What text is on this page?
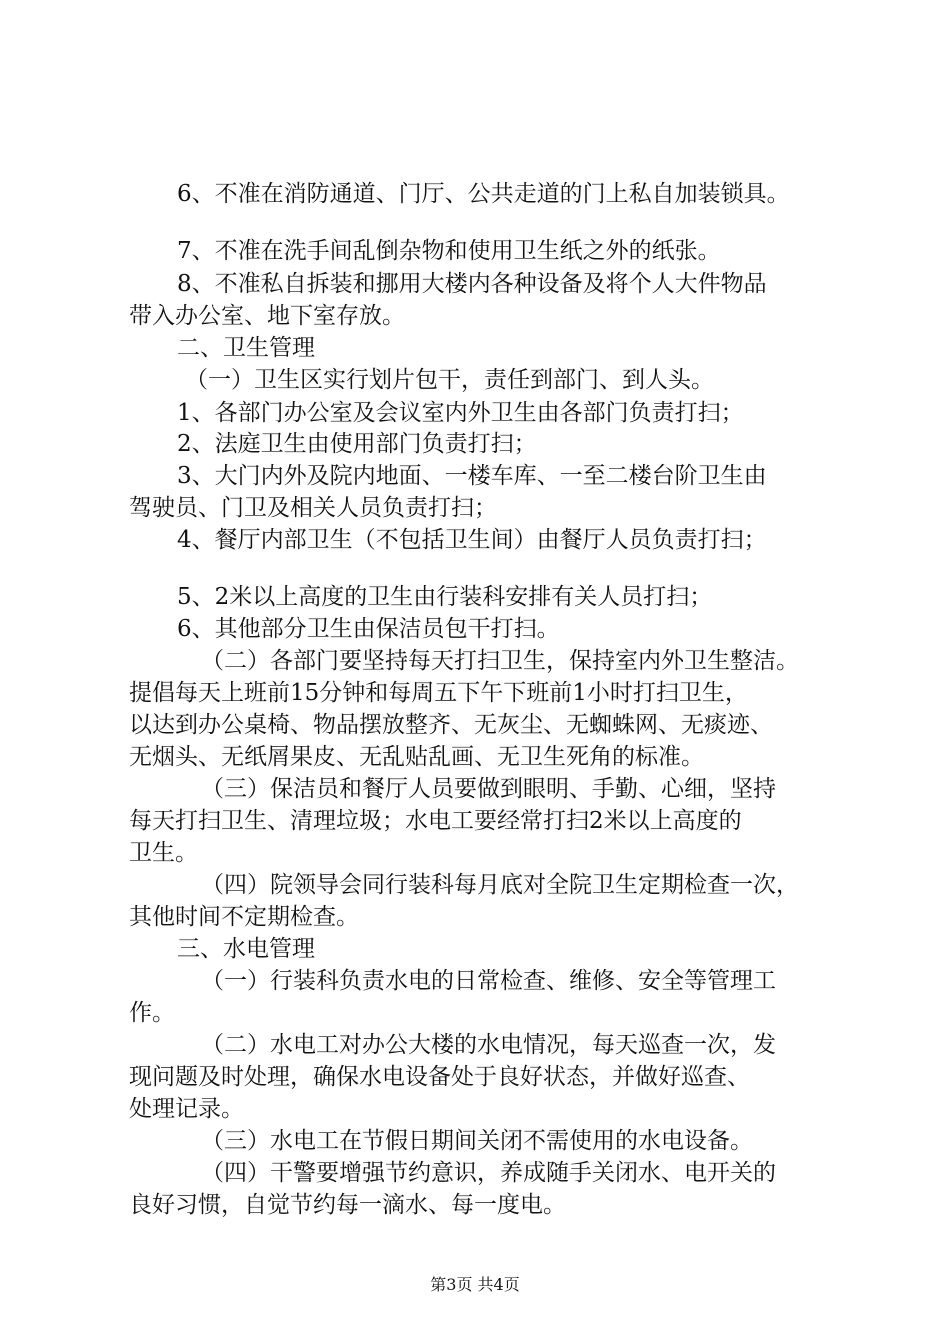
6、不准在消防通道、门厅、公共走道的门上私自加装锁具。
7、不准在洗手间乱倒杂物和使用卫生纸之外的纸张。
8、不准私自拆装和挪用大楼内各种设备及将个人大件物品
带入办公室、地下室存放。
二、卫生管理
（一）卫生区实行划片包干，责任到部门、到人头。
1、各部门办公室及会议室内外卫生由各部门负责打扫；
2、法庭卫生由使用部门负责打扫；
3、大门内外及院内地面、一楼车库、一至二楼台阶卫生由
驾驶员、门卫及相关人员负责打扫；
4、餐厅内部卫生（不包括卫生间）由餐厅人员负责打扫；
5、2米以上高度的卫生由行装科安排有关人员打扫；
6、其他部分卫生由保洁员包干打扫。
（二）各部门要坚持每天打扫卫生，保持室内外卫生整洁。
提倡每天上班前15分钟和每周五下午下班前1小时打扫卫生，
以达到办公桌椅、物品摆放整齐、无灰尘、无蜘蛛网、无痰迹、
无烟头、无纸屑果皮、无乱贴乱画、无卫生死角的标准。
（三）保洁员和餐厅人员要做到眼明、手勤、心细，坚持
每天打扫卫生、清理垃圾；水电工要经常打扫2米以上高度的
卫生。
（四）院领导会同行装科每月底对全院卫生定期检查一次，
其他时间不定期检查。
三、水电管理
（一）行装科负责水电的日常检查、维修、安全等管理工
作。
（二）水电工对办公大楼的水电情况，每天巡查一次，发
现问题及时处理，确保水电设备处于良好状态，并做好巡查、
处理记录。
（三）水电工在节假日期间关闭不需使用的水电设备。
（四）干警要增强节约意识，养成随手关闭水、电开关的
良好习惯，自觉节约每一滴水、每一度电。
第3页 共4页
